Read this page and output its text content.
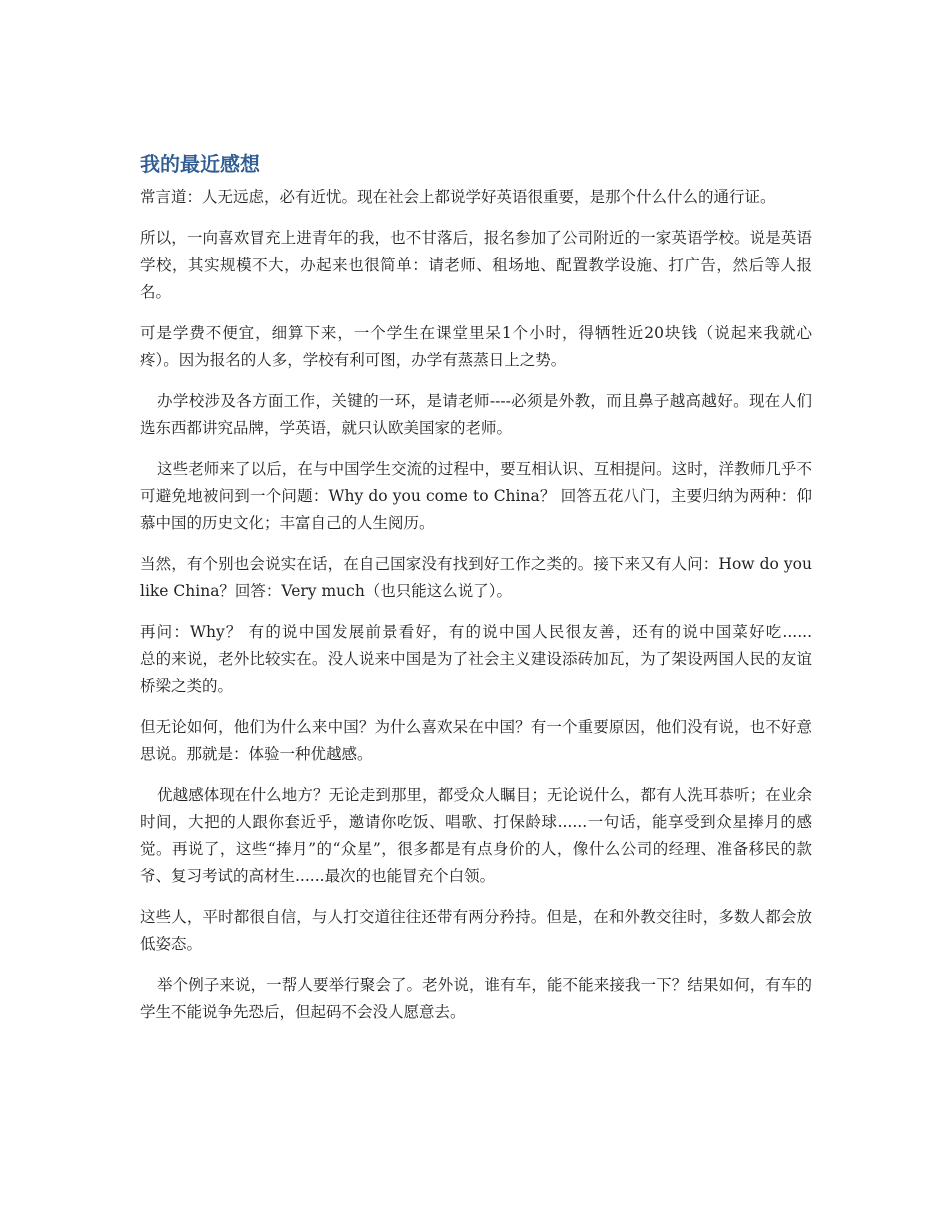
我的最近感想

常言道：人无远虑，必有近忧。现在社会上都说学好英语很重要，是那个什么什么的通行证。

所以，一向喜欢冒充上进青年的我，也不甘落后，报名参加了公司附近的一家英语学校。说是英语学校，其实规模不大，办起来也很简单：请老师、租场地、配置教学设施、打广告，然后等人报名。

可是学费不便宜，细算下来，一个学生在课堂里呆1个小时，得牺牲近20块钱（说起来我就心疼）。因为报名的人多，学校有利可图，办学有蒸蒸日上之势。

办学校涉及各方面工作，关键的一环，是请老师----必须是外教，而且鼻子越高越好。现在人们选东西都讲究品牌，学英语，就只认欧美国家的老师。

这些老师来了以后，在与中国学生交流的过程中，要互相认识、互相提问。这时，洋教师几乎不可避免地被问到一个问题：Why do you come to China？ 回答五花八门，主要归纳为两种：仰慕中国的历史文化；丰富自己的人生阅历。

当然，有个别也会说实在话，在自己国家没有找到好工作之类的。接下来又有人问：How do you like China？回答：Very much（也只能这么说了）。

再问：Why？ 有的说中国发展前景看好，有的说中国人民很友善，还有的说中国菜好吃......　　总的来说，老外比较实在。没人说来中国是为了社会主义建设添砖加瓦，为了架设两国人民的友谊桥梁之类的。

但无论如何，他们为什么来中国？为什么喜欢呆在中国？有一个重要原因，他们没有说，也不好意思说。那就是：体验一种优越感。

优越感体现在什么地方？无论走到那里，都受众人瞩目；无论说什么，都有人洗耳恭听；在业余时间，大把的人跟你套近乎，邀请你吃饭、唱歌、打保龄球......一句话，能享受到众星捧月的感觉。再说了，这些“捧月”的“众星”，很多都是有点身价的人，像什么公司的经理、准备移民的款爷、复习考试的高材生......最次的也能冒充个白领。

这些人，平时都很自信，与人打交道往往还带有两分矜持。但是，在和外教交往时，多数人都会放低姿态。

举个例子来说，一帮人要举行聚会了。老外说，谁有车，能不能来接我一下？结果如何，有车的学生不能说争先恐后，但起码不会没人愿意去。
